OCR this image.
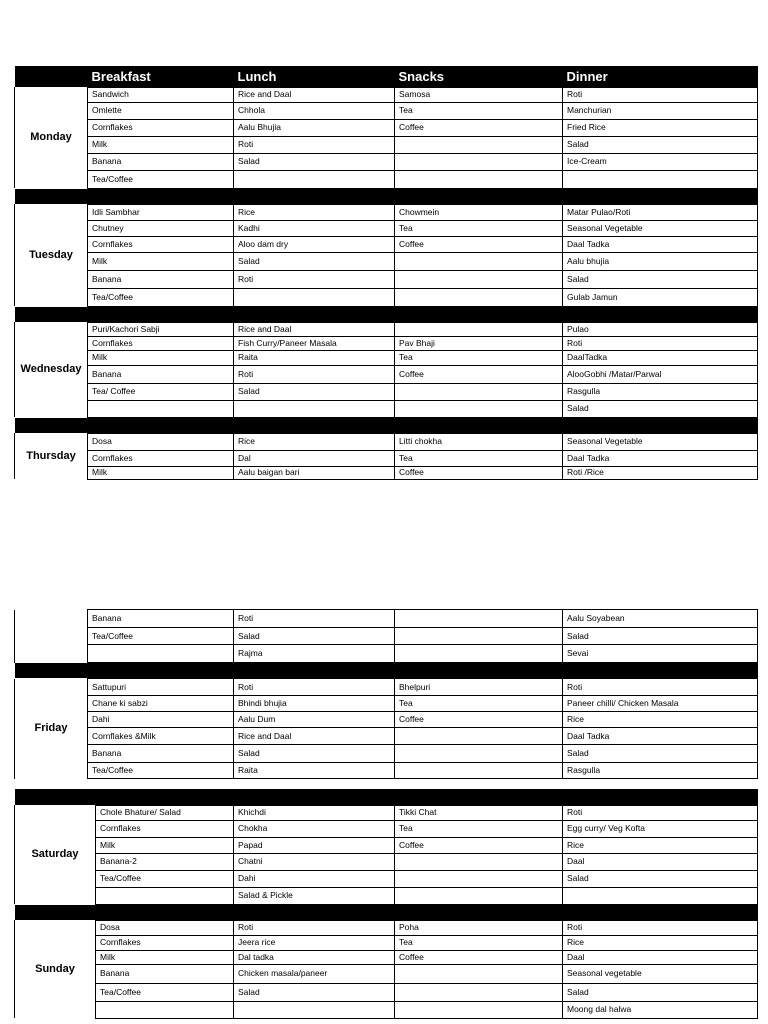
	Breakfast	Lunch	Snacks	Dinner
Monday	Sandwich	Rice and Daal	Samosa	Roti
	Omlette	Chhola	Tea	Manchurian
	Cornflakes	Aalu Bhujia	Coffee	Fried Rice
	Milk	Roti		Salad
	Banana	Salad		Ice-Cream
	Tea/Coffee			

Tuesday	Idli Sambhar	Rice	Chowmein	Matar Pulao/Roti
	Chutney	Kadhi	Tea	Seasonal Vegetable
	Cornflakes	Aloo dam dry	Coffee	Daal Tadka
	Milk	Salad		Aalu bhujia
	Banana	Roti		Salad
	Tea/Coffee			Gulab Jamun

Wednesday	Puri/Kachori Sabji	Rice and Daal		Pulao
	Cornflakes	Fish Curry/Paneer Masala	Pav Bhaji	Roti
	Milk	Raita	Tea	DaalTadka
	Banana	Roti	Coffee	AlooGobhi /Matar/Parwal
	Tea/ Coffee	Salad		Rasgulla
				Salad

Thursday	Dosa	Rice	Litti chokha	Seasonal Vegetable
	Cornflakes	Dal	Tea	Daal Tadka
	Milk	Aalu baigan bari	Coffee	Roti /Rice
	Banana	Roti		Aalu Soyabean
	Tea/Coffee	Salad		Salad
		Rajma		Sevai

Friday	Sattupuri	Roti	Bhelpuri	Roti
	Chane ki sabzi	Bhindi bhujia	Tea	Paneer chilli/ Chicken Masala
	Dahi	Aalu Dum	Coffee	Rice
	Cornflakes &Milk	Rice and Daal		Daal Tadka
	Banana	Salad		Salad
	Tea/Coffee	Raita		Rasgulla

Saturday	Chole Bhature/ Salad	Khichdi	Tikki Chat	Roti
	Cornflakes	Chokha	Tea	Egg curry/ Veg Kofta
	Milk	Papad	Coffee	Rice
	Banana-2	Chatni		Daal
	Tea/Coffee	Dahi		Salad
		Salad & Pickle		

Sunday	Dosa	Roti	Poha	Roti
	Cornflakes	Jeera rice	Tea	Rice
	Milk	Dal tadka	Coffee	Daal
	Banana	Chicken masala/paneer		Seasonal vegetable
	Tea/Coffee	Salad		Salad
				Moong dal halwa
